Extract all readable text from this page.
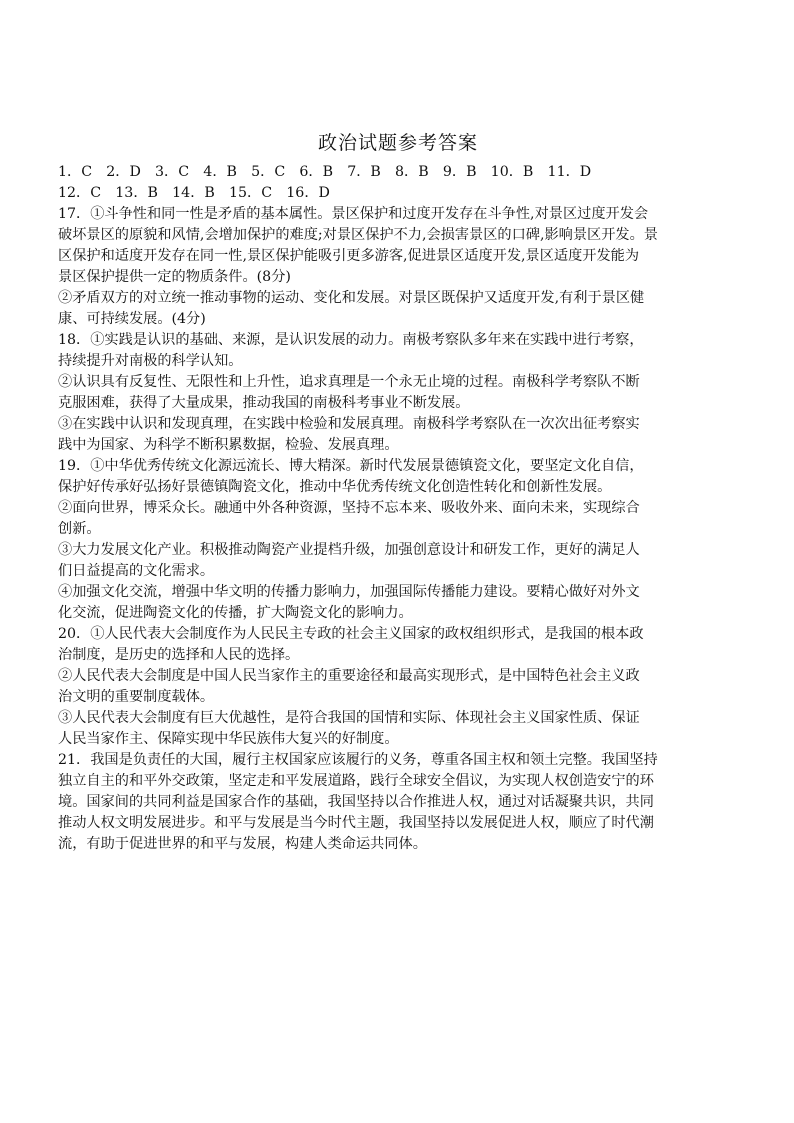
政治试题参考答案

1．C　2．D　3．C　4．B　5．C　6．B　7．B　8．B　9．B　10．B　11．D

12．C　13．B　14．B　15．C　16．D

17．①斗争性和同一性是矛盾的基本属性。景区保护和过度开发存在斗争性,对景区过度开发会

破坏景区的原貌和风情,会增加保护的难度;对景区保护不力,会损害景区的口碑,影响景区开发。景

区保护和适度开发存在同一性,景区保护能吸引更多游客,促进景区适度开发,景区适度开发能为

景区保护提供一定的物质条件。(8分)

②矛盾双方的对立统一推动事物的运动、变化和发展。对景区既保护又适度开发,有利于景区健

康、可持续发展。(4分)

18．①实践是认识的基础、来源，是认识发展的动力。南极考察队多年来在实践中进行考察，

持续提升对南极的科学认知。

②认识具有反复性、无限性和上升性，追求真理是一个永无止境的过程。南极科学考察队不断

克服困难，获得了大量成果，推动我国的南极科考事业不断发展。

③在实践中认识和发现真理，在实践中检验和发展真理。南极科学考察队在一次次出征考察实

践中为国家、为科学不断积累数据，检验、发展真理。

19．①中华优秀传统文化源远流长、博大精深。新时代发展景德镇瓷文化，要坚定文化自信，

保护好传承好弘扬好景德镇陶瓷文化，推动中华优秀传统文化创造性转化和创新性发展。

②面向世界，博采众长。融通中外各种资源，坚持不忘本来、吸收外来、面向未来，实现综合

创新。

③大力发展文化产业。积极推动陶瓷产业提档升级，加强创意设计和研发工作，更好的满足人

们日益提高的文化需求。

④加强文化交流，增强中华文明的传播力影响力，加强国际传播能力建设。要精心做好对外文

化交流，促进陶瓷文化的传播，扩大陶瓷文化的影响力。

20．①人民代表大会制度作为人民民主专政的社会主义国家的政权组织形式，是我国的根本政

治制度，是历史的选择和人民的选择。

②人民代表大会制度是中国人民当家作主的重要途径和最高实现形式，是中国特色社会主义政

治文明的重要制度载体。

③人民代表大会制度有巨大优越性，是符合我国的国情和实际、体现社会主义国家性质、保证

人民当家作主、保障实现中华民族伟大复兴的好制度。

21．我国是负责任的大国，履行主权国家应该履行的义务，尊重各国主权和领土完整。我国坚持

独立自主的和平外交政策，坚定走和平发展道路，践行全球安全倡议，为实现人权创造安宁的环

境。国家间的共同利益是国家合作的基础，我国坚持以合作推进人权，通过对话凝聚共识，共同

推动人权文明发展进步。和平与发展是当今时代主题，我国坚持以发展促进人权，顺应了时代潮

流，有助于促进世界的和平与发展，构建人类命运共同体。
